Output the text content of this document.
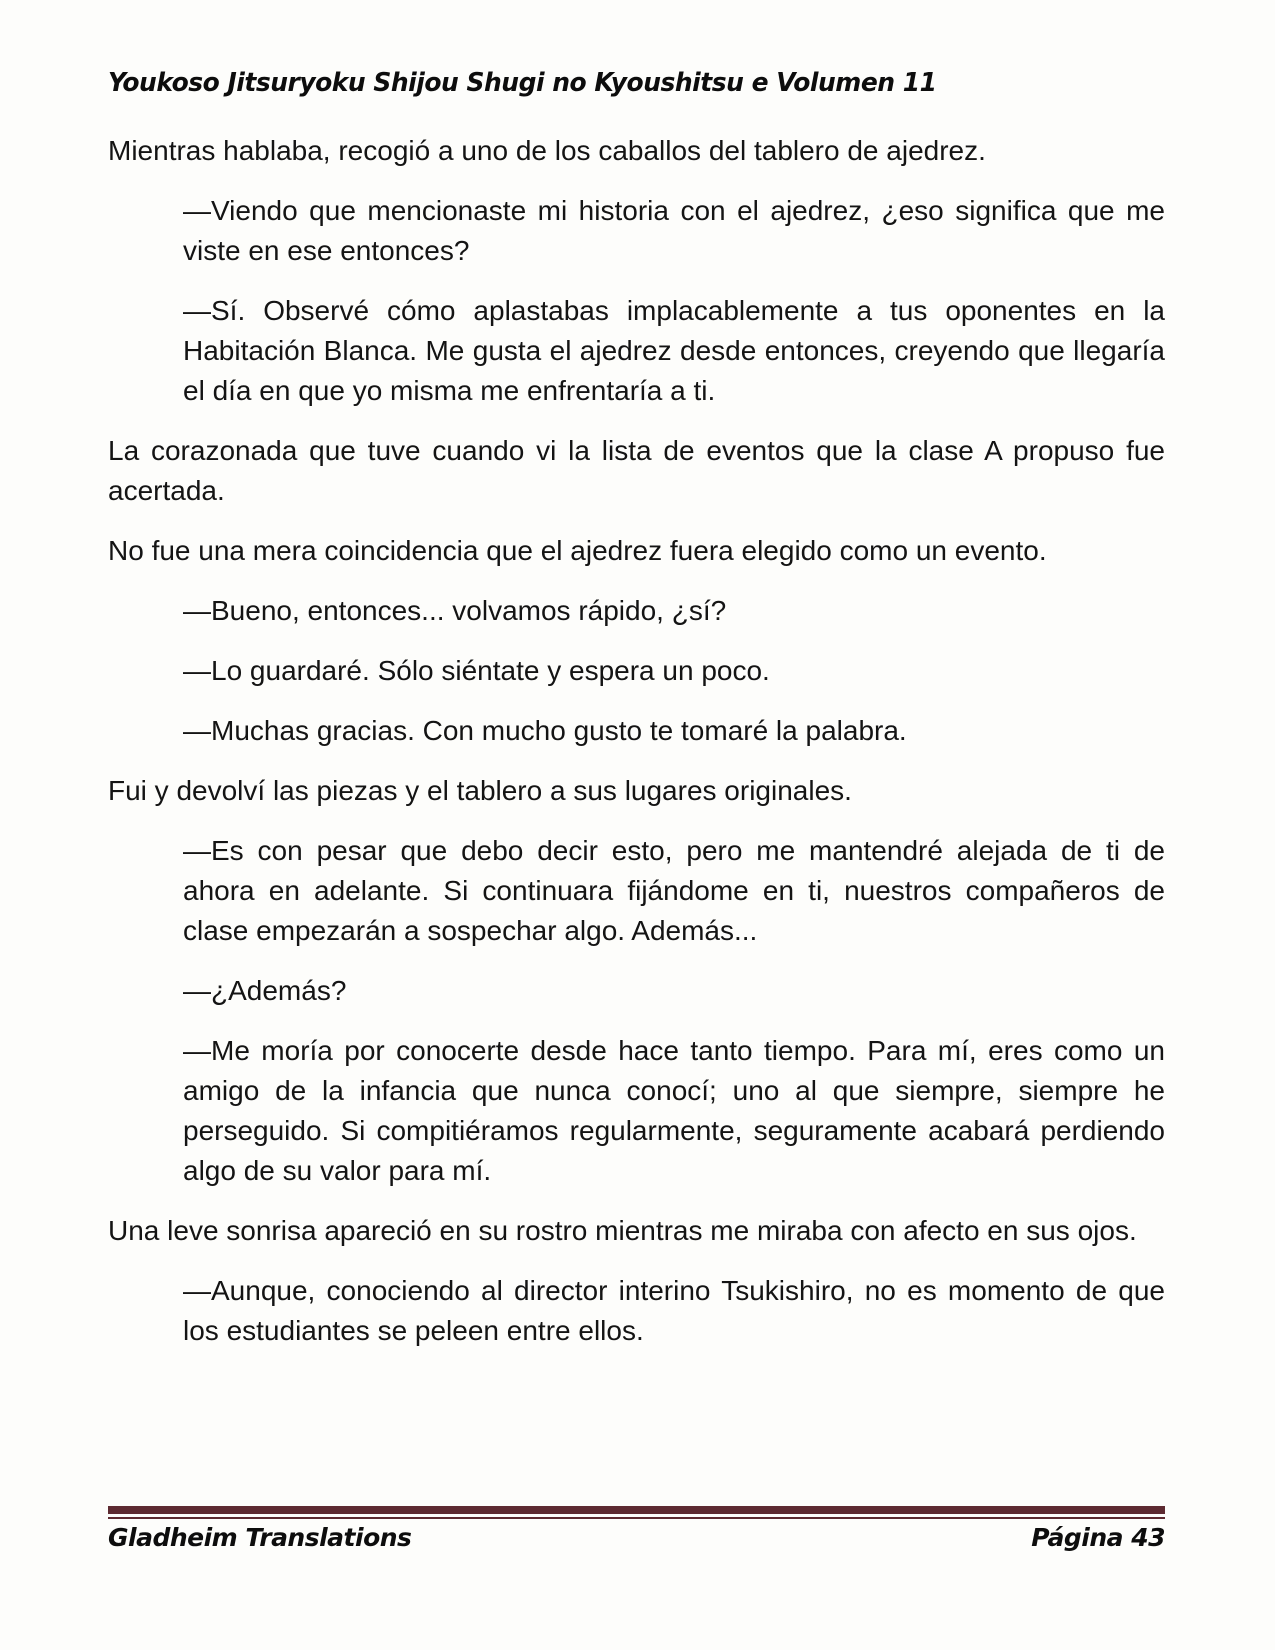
Youkoso Jitsuryoku Shijou Shugi no Kyoushitsu e Volumen 11

Mientras hablaba, recogió a uno de los caballos del tablero de ajedrez.

—Viendo que mencionaste mi historia con el ajedrez, ¿eso significa que me viste en ese entonces?

—Sí. Observé cómo aplastabas implacablemente a tus oponentes en la Habitación Blanca. Me gusta el ajedrez desde entonces, creyendo que llegaría el día en que yo misma me enfrentaría a ti.

La corazonada que tuve cuando vi la lista de eventos que la clase A propuso fue acertada.

No fue una mera coincidencia que el ajedrez fuera elegido como un evento.

—Bueno, entonces... volvamos rápido, ¿sí?

—Lo guardaré. Sólo siéntate y espera un poco.

—Muchas gracias. Con mucho gusto te tomaré la palabra.

Fui y devolví las piezas y el tablero a sus lugares originales.

—Es con pesar que debo decir esto, pero me mantendré alejada de ti de ahora en adelante. Si continuara fijándome en ti, nuestros compañeros de clase empezarán a sospechar algo. Además...

—¿Además?

—Me moría por conocerte desde hace tanto tiempo. Para mí, eres como un amigo de la infancia que nunca conocí; uno al que siempre, siempre he perseguido. Si compitiéramos regularmente, seguramente acabará perdiendo algo de su valor para mí.

Una leve sonrisa apareció en su rostro mientras me miraba con afecto en sus ojos.

—Aunque, conociendo al director interino Tsukishiro, no es momento de que los estudiantes se peleen entre ellos.

Gladheim Translations	Página 43
